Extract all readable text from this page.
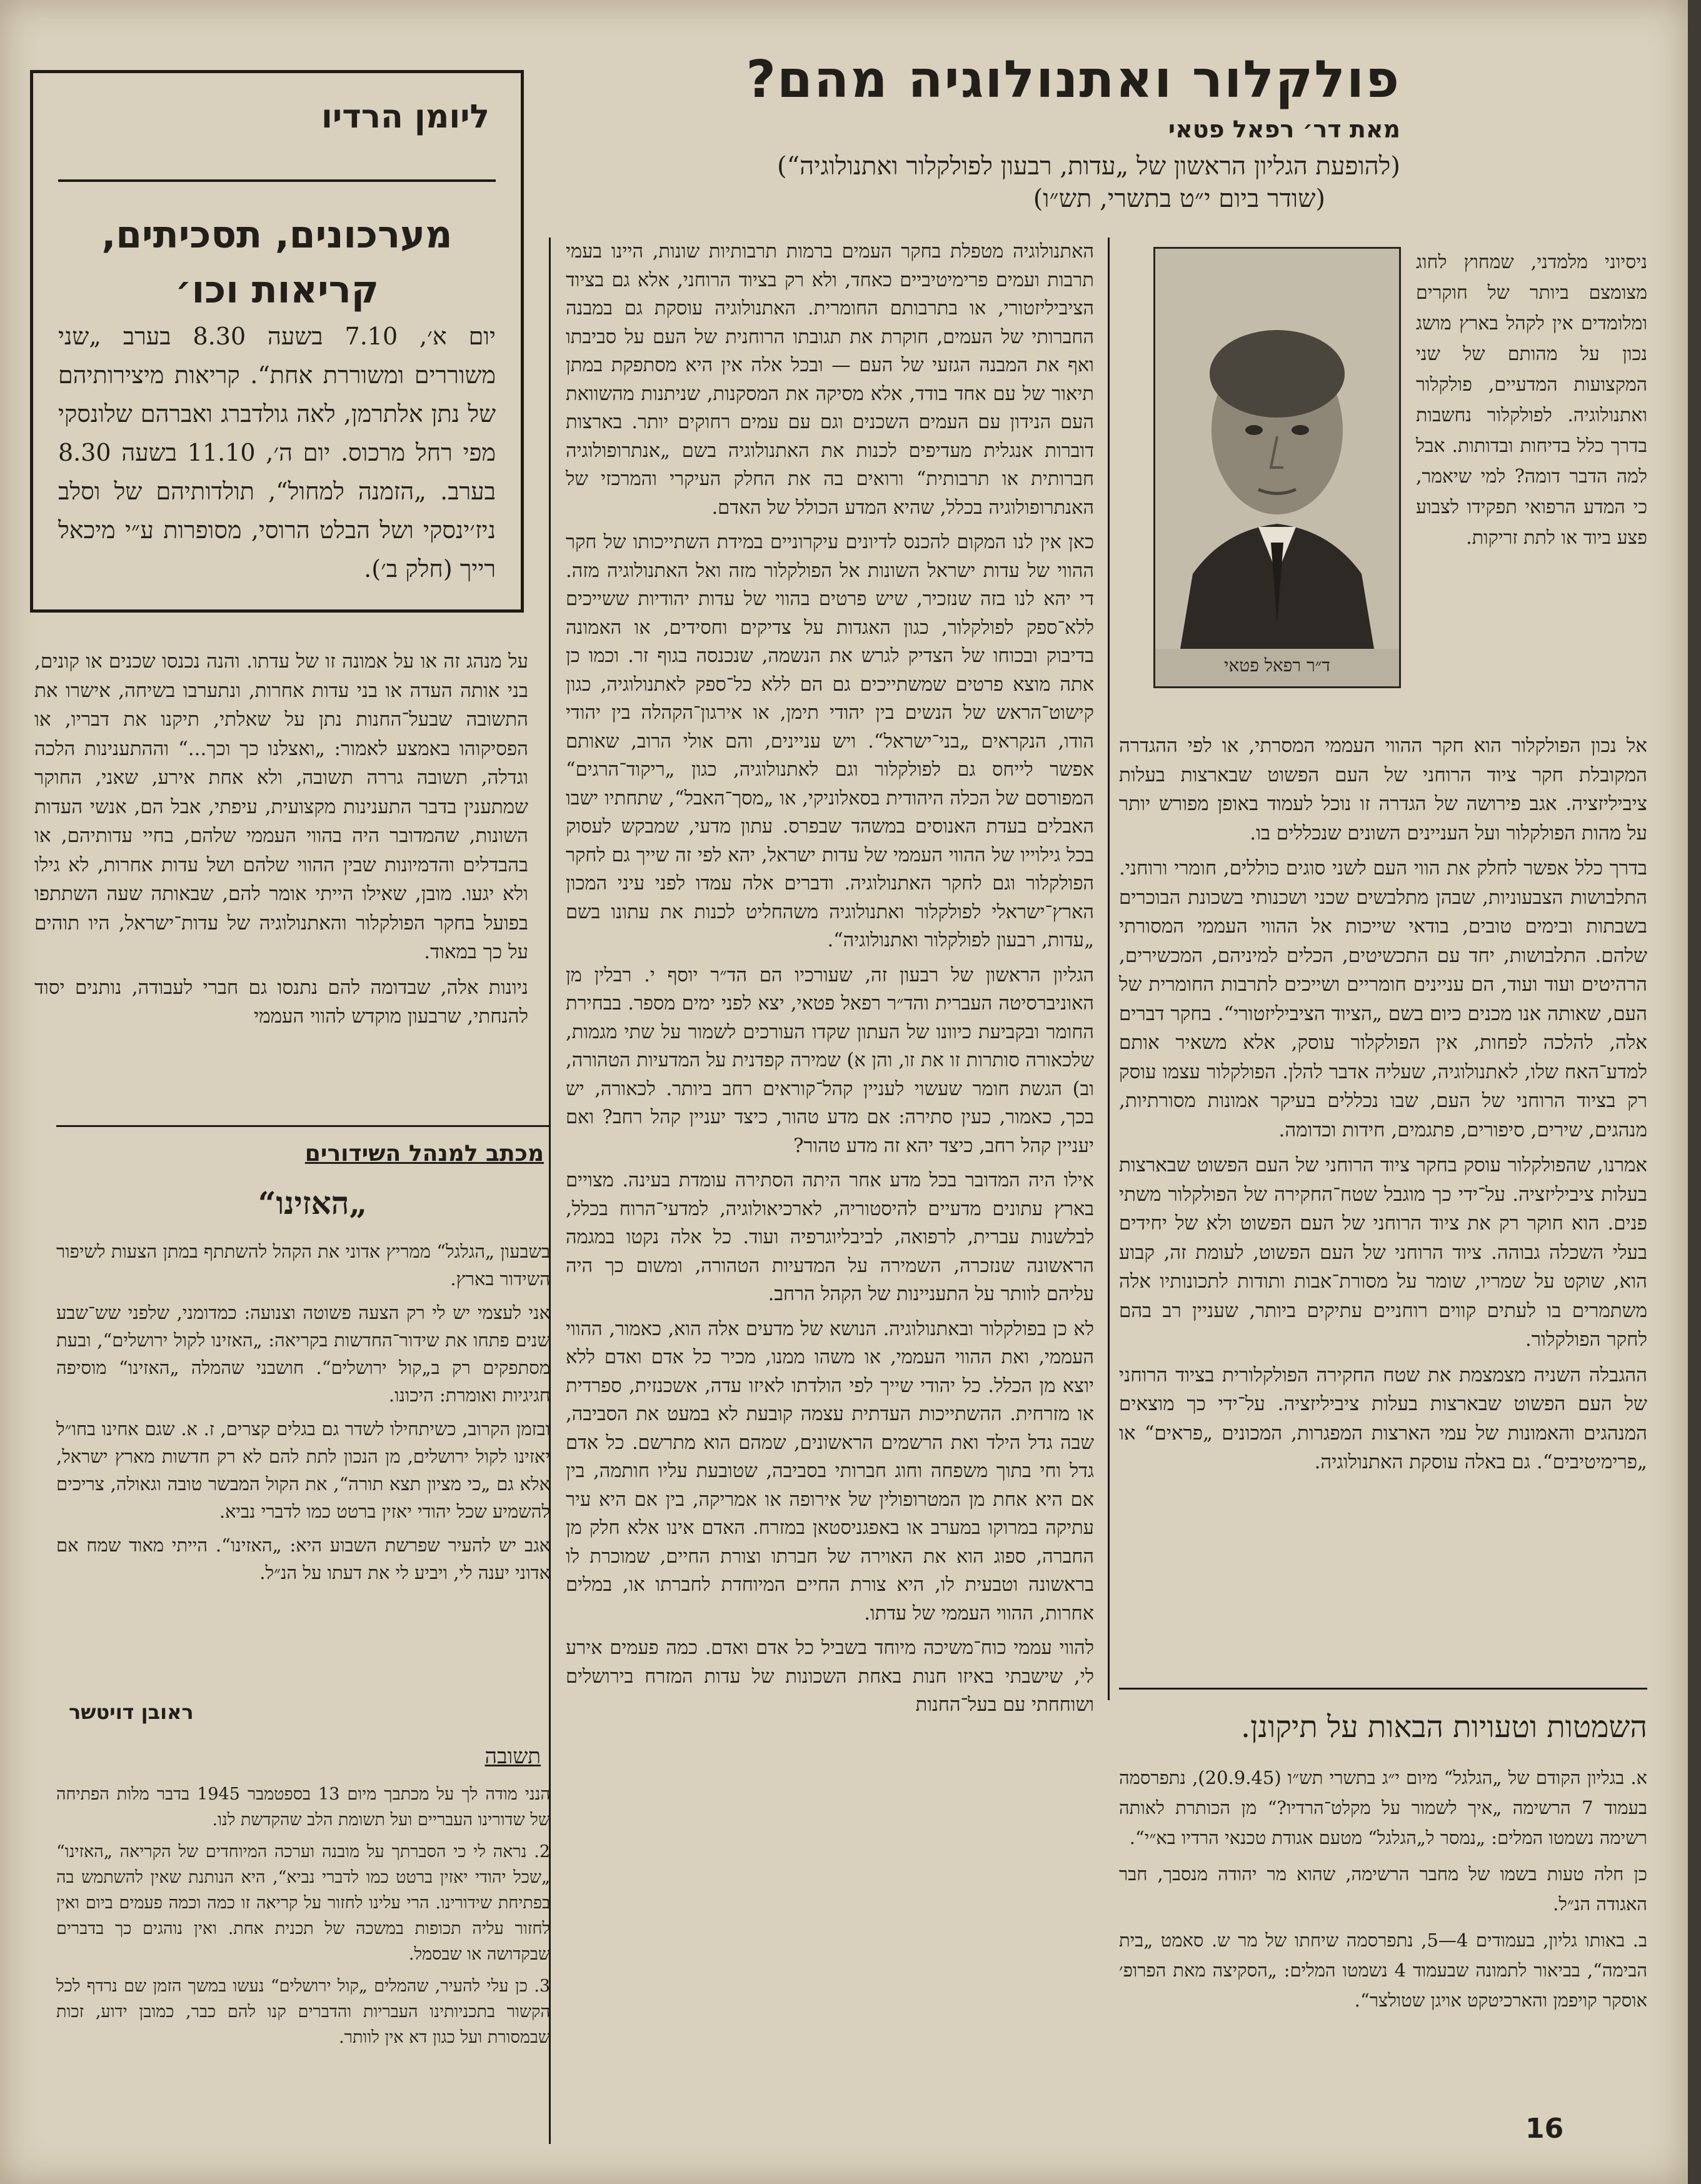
פולקלור ואתנולוגיה מהם?
מאת דר׳ רפאל פטאי
(להופעת הגליון הראשון של „עדות, רבעון לפולקלור ואתנולוגיה“)
(שודר ביום י״ט בתשרי, תש״ו)
ד״ר רפאל פטאי

ניסיוני מלמדני, שמחוץ לחוג מצומצם ביותר של חוקרים ומלומדים אין לקהל בארץ מושג נכון על מהותם של שני המקצועות המדעיים, פולקלור ואתנולוגיה. לפולקלור נחשבות בדרך כלל בדיחות ובדותות. אבל למה הדבר דומה? למי שיאמר, כי המדע הרפואי תפקידו לצבוע פצע ביוד או לתת זריקות.

אל נכון הפולקלור הוא חקר ההווי העממי המסרתי, או לפי ההגדרה המקובלת חקר ציוד הרוחני של העם הפשוט שבארצות בעלות ציביליזציה. אגב פירושה של הגדרה זו נוכל לעמוד באופן מפורש יותר על מהות הפולקלור ועל העניינים השונים שנכללים בו.

בדרך כלל אפשר לחלק את הווי העם לשני סוגים כוללים, חומרי ורוחני. התלבושות הצבעוניות, שבהן מתלבשים שכני ושכנותי בשכונת הבוכרים בשבתות ובימים טובים, בודאי שייכות אל ההווי העממי המסורתי שלהם. התלבושות, יחד עם התכשיטים, הכלים למיניהם, המכשירים, הרהיטים ועוד ועוד, הם עניינים חומריים ושייכים לתרבות החומרית של העם, שאותה אנו מכנים כיום בשם „הציוד הציביליזטורי“. בחקר דברים אלה, להלכה לפחות, אין הפולקלור עוסק, אלא משאיר אותם למדע־האח שלו, לאתנולוגיה, שעליה אדבר להלן. הפולקלור עצמו עוסק רק בציוד הרוחני של העם, שבו נכללים בעיקר אמונות מסורתיות, מנהגים, שירים, סיפורים, פתגמים, חידות וכדומה.

אמרנו, שהפולקלור עוסק בחקר ציוד הרוחני של העם הפשוט שבארצות בעלות ציביליזציה. על־ידי כך מוגבל שטח־החקירה של הפולקלור משתי פנים. הוא חוקר רק את ציוד הרוחני של העם הפשוט ולא של יחידים בעלי השכלה גבוהה. ציוד הרוחני של העם הפשוט, לעומת זה, קבוע הוא, שוקט על שמריו, שומר על מסורת־אבות ותודות לתכונותיו אלה משתמרים בו לעתים קווים רוחניים עתיקים ביותר, שעניין רב בהם לחקר הפולקלור.

ההגבלה השניה מצמצמת את שטח החקירה הפולקלורית בציוד הרוחני של העם הפשוט שבארצות בעלות ציביליזציה. על־ידי כך מוצאים המנהגים והאמונות של עמי הארצות המפגרות, המכונים „פראים“ או „פרימיטיבים“. גם באלה עוסקת האתנולוגיה.

האתנולוגיה מטפלת בחקר העמים ברמות תרבותיות שונות, היינו בעמי תרבות ועמים פרימיטיביים כאחד, ולא רק בציוד הרוחני, אלא גם בציוד הציביליזטורי, או בתרבותם החומרית. האתנולוגיה עוסקת גם במבנה החברותי של העמים, חוקרת את תגובתו הרוחנית של העם על סביבתו ואף את המבנה הגזעי של העם — ובכל אלה אין היא מסתפקת במתן תיאור של עם אחד בודד, אלא מסיקה את המסקנות, שניתנות מהשוואת העם הנידון עם העמים השכנים וגם עם עמים רחוקים יותר. בארצות דוברות אנגלית מעדיפים לכנות את האתנולוגיה בשם „אנתרופולוגיה חברותית או תרבותית“ ורואים בה את החלק העיקרי והמרכזי של האנתרופולוגיה בכלל, שהיא המדע הכולל של האדם.

כאן אין לנו המקום להכנס לדיונים עיקרוניים במידת השתייכותו של חקר ההווי של עדות ישראל השונות אל הפולקלור מזה ואל האתנולוגיה מזה. די יהא לנו בזה שנזכיר, שיש פרטים בהווי של עדות יהודיות ששייכים ללא־ספק לפולקלור, כגון האגדות על צדיקים וחסידים, או האמונה בדיבוק ובכוחו של הצדיק לגרש את הנשמה, שנכנסה בגוף זר. וכמו כן אתה מוצא פרטים שמשתייכים גם הם ללא כל־ספק לאתנולוגיה, כגון קישוט־הראש של הנשים בין יהודי תימן, או אירגון־הקהלה בין יהודי הודו, הנקראים „בני־ישראל“. ויש עניינים, והם אולי הרוב, שאותם אפשר לייחס גם לפולקלור וגם לאתנולוגיה, כגון „ריקוד־הרגים“ המפורסם של הכלה היהודית בסאלוניקי, או „מסך־האבל“, שתחתיו ישבו האבלים בעדת האנוסים במשהד שבפרס. עתון מדעי, שמבקש לעסוק בכל גילוייו של ההווי העממי של עדות ישראל, יהא לפי זה שייך גם לחקר הפולקלור וגם לחקר האתנולוגיה. ודברים אלה עמדו לפני עיני המכון הארץ־ישראלי לפולקלור ואתנולוגיה משהחליט לכנות את עתונו בשם „עדות, רבעון לפולקלור ואתנולוגיה“.

הגליון הראשון של רבעון זה, שעורכיו הם הד״ר יוסף י. רבלין מן האוניברסיטה העברית והד״ר רפאל פטאי, יצא לפני ימים מספר. בבחירת החומר ובקביעת כיוונו של העתון שקדו העורכים לשמור על שתי מגמות, שלכאורה סותרות זו את זו, והן א) שמירה קפדנית על המדעיות הטהורה, וב) הגשת חומר שעשוי לעניין קהל־קוראים רחב ביותר. לכאורה, יש בכך, כאמור, כעין סתירה: אם מדע טהור, כיצד יעניין קהל רחב? ואם יעניין קהל רחב, כיצד יהא זה מדע טהור?

אילו היה המדובר בכל מדע אחר היתה הסתירה עומדת בעינה. מצויים בארץ עתונים מדעיים להיסטוריה, לארכיאולוגיה, למדעי־הרוח בכלל, לבלשנות עברית, לרפואה, לביבליוגרפיה ועוד. כל אלה נקטו במגמה הראשונה שנזכרה, השמירה על המדעיות הטהורה, ומשום כך היה עליהם לוותר על התעניינות של הקהל הרחב.

לא כן בפולקלור ובאתנולוגיה. הנושא של מדעים אלה הוא, כאמור, ההווי העממי, ואת ההווי העממי, או משהו ממנו, מכיר כל אדם ואדם ללא יוצא מן הכלל. כל יהודי שייך לפי הולדתו לאיזו עדה, אשכנזית, ספרדית או מזרחית. ההשתייכות העדתית עצמה קובעת לא במעט את הסביבה, שבה גדל הילד ואת הרשמים הראשונים, שמהם הוא מתרשם. כל אדם גדל וחי בתוך משפחה וחוג חברותי בסביבה, שטובעת עליו חותמה, בין אם היא אחת מן המטרופולין של אירופה או אמריקה, בין אם היא עיר עתיקה במרוקו במערב או באפגניסטאן במזרח. האדם אינו אלא חלק מן החברה, ספוג הוא את האוירה של חברתו וצורת החיים, שמוכרת לו בראשונה וטבעית לו, היא צורת החיים המיוחדת לחברתו או, במלים אחרות, ההווי העממי של עדתו.

להווי עממי כוח־משיכה מיוחד בשביל כל אדם ואדם. כמה פעמים אירע לי, שישבתי באיזו חנות באחת השכונות של עדות המזרח בירושלים ושוחחתי עם בעל־החנות

ליומן הרדיו
מערכונים, תסכיתים,
קריאות וכו׳
יום א׳, 7.10 בשעה 8.30 בערב „שני משוררים ומשוררת אחת“. קריאות מיצירותיהם של נתן אלתרמן, לאה גולדברג ואברהם שלונסקי מפי רחל מרכוס. יום ה׳, 11.10 בשעה 8.30 בערב. „הזמנה למחול“, תולדותיהם של וסלב ניז׳ינסקי ושל הבלט הרוסי, מסופרות ע״י מיכאל רייך (חלק ב׳).

על מנהג זה או על אמונה זו של עדתו. והנה נכנסו שכנים או קונים, בני אותה העדה או בני עדות אחרות, ונתערבו בשיחה, אישרו את התשובה שבעל־החנות נתן על שאלתי, תיקנו את דבריו, או הפסיקוהו באמצע לאמור: „ואצלנו כך וכך...“ וההתענינות הלכה וגדלה, תשובה גררה תשובה, ולא אחת אירע, שאני, החוקר שמתענין בדבר התענינות מקצועית, עיפתי, אבל הם, אנשי העדות השונות, שהמדובר היה בהווי העממי שלהם, בחיי עדותיהם, או בהבדלים והדמיונות שבין ההווי שלהם ושל עדות אחרות, לא גילו ולא יגעו. מובן, שאילו הייתי אומר להם, שבאותה שעה השתתפו בפועל בחקר הפולקלור והאתנולוגיה של עדות־ישראל, היו תוהים על כך במאוד.

ניונות אלה, שבדומה להם נתנסו גם חברי לעבודה, נותנים יסוד להנחתי, שרבעון מוקדש להווי העממי

מכתב למנהל השידורים
„האזינו“

בשבעון „הגלגל“ ממריץ אדוני את הקהל להשתתף במתן הצעות לשיפור השידור בארץ.

אני לעצמי יש לי רק הצעה פשוטה וצנועה: כמדומני, שלפני שש־שבע שנים פתחו את שידור־החדשות בקריאה: „האזינו לקול ירושלים“, ובעת מסתפקים רק ב„קול ירושלים“. חושבני שהמלה „האזינו“ מוסיפה חגיגיות ואומרת: היכונו.

ובזמן הקרוב, כשיתחילו לשדר גם בגלים קצרים, ז. א. שגם אחינו בחו״ל יאזינו לקול ירושלים, מן הנכון לתת להם לא רק חדשות מארץ ישראל, אלא גם „כי מציון תצא תורה“, את הקול המבשר טובה וגאולה, צריכים להשמיע שכל יהודי יאזין ברטט כמו לדברי נביא.

אגב יש להעיר שפרשת השבוע היא: „האזינו“. הייתי מאוד שמח אם אדוני יענה לי, ויביע לי את דעתו על הנ״ל.

ראובן דויטשר
תשובה

הנני מודה לך על מכתבך מיום 13 בספטמבר 1945 בדבר מלות הפתיחה של שדורינו העבריים ועל תשומת הלב שהקדשת לנו.

2. נראה לי כי הסברתך על מובנה וערכה המיוחדים של הקריאה „האזינו“ „שכל יהודי יאזין ברטט כמו לדברי נביא“, היא הנותנת שאין להשתמש בה בפתיחת שידורינו. הרי עלינו לחזור על קריאה זו כמה וכמה פעמים ביום ואין לחזור עליה תכופות במשכה של תכנית אחת. ואין נוהגים כך בדברים שבקדושה או שבסמל.

3. כן עלי להעיר, שהמלים „קול ירושלים“ נעשו במשך הזמן שם נרדף לכל הקשור בתכניותינו העבריות והדברים קנו להם כבר, כמובן ידוע, זכות שבמסורת ועל כגון דא אין לוותר.

השמטות וטעויות הבאות על תיקונן.

א. בגליון הקודם של „הגלגל“ מיום י״ג בתשרי תש״ו (20.9.45), נתפרסמה בעמוד 7 הרשימה „איך לשמור על מקלט־הרדיו?“ מן הכותרת לאותה רשימה נשמטו המלים: „נמסר ל„הגלגל“ מטעם אגודת טכנאי הרדיו בא״י“.

כן חלה טעות בשמו של מחבר הרשימה, שהוא מר יהודה מנסבך, חבר האגודה הנ״ל.

ב. באותו גליון, בעמודים 4—5, נתפרסמה שיחתו של מר ש. סאמט „בית הבימה“, בביאור לתמונה שבעמוד 4 נשמטו המלים: „הסקיצה מאת הפרופ׳ אוסקר קויפמן והארכיטקט אויגן שטולצר“.

16
